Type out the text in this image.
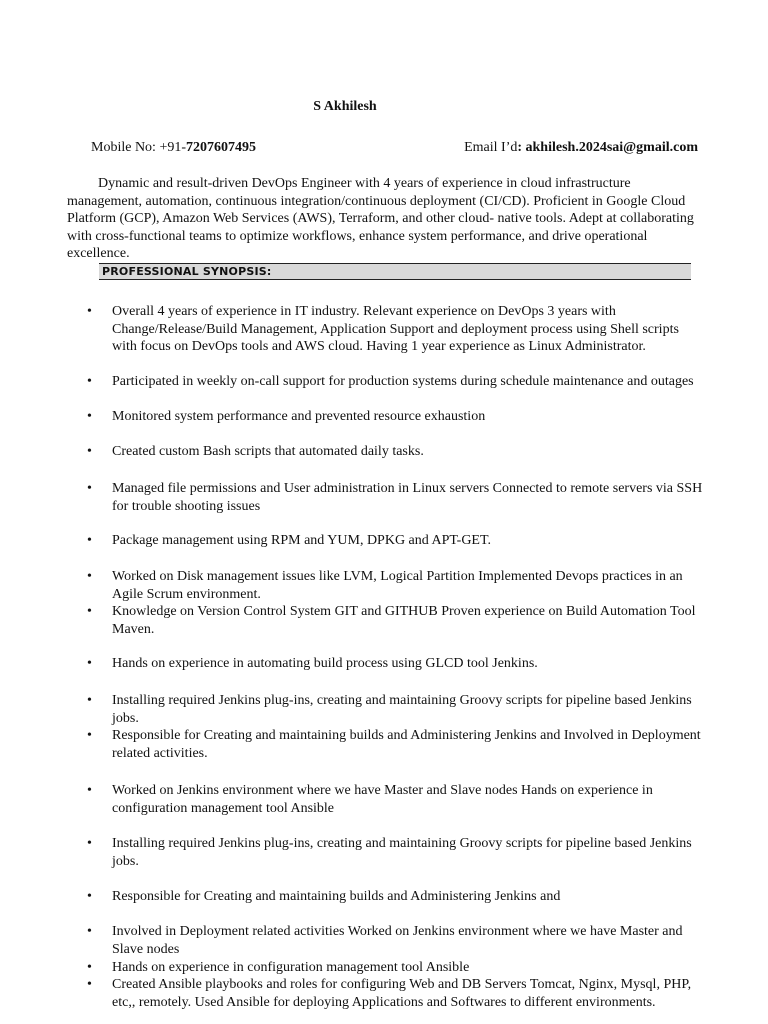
S Akhilesh
Mobile No: +91-7207607495	Email I’d: akhilesh.2024sai@gmail.com

Dynamic and result-driven DevOps Engineer with 4 years of experience in cloud infrastructure management, automation, continuous integration/continuous deployment (CI/CD). Proficient in Google Cloud Platform (GCP), Amazon Web Services (AWS), Terraform, and other cloud- native tools. Adept at collaborating with cross-functional teams to optimize workflows, enhance system performance, and drive operational excellence.

PROFESSIONAL SYNOPSIS:
• Overall 4 years of experience in IT industry. Relevant experience on DevOps 3 years with Change/Release/Build Management, Application Support and deployment process using Shell scripts with focus on DevOps tools and AWS cloud. Having 1 year experience as Linux Administrator.
• Participated in weekly on-call support for production systems during schedule maintenance and outages
• Monitored system performance and prevented resource exhaustion
• Created custom Bash scripts that automated daily tasks.
• Managed file permissions and User administration in Linux servers Connected to remote servers via SSH for trouble shooting issues
• Package management using RPM and YUM, DPKG and APT-GET.
• Worked on Disk management issues like LVM, Logical Partition Implemented Devops practices in an Agile Scrum environment.
• Knowledge on Version Control System GIT and GITHUB Proven experience on Build Automation Tool Maven.
• Hands on experience in automating build process using GLCD tool Jenkins.
• Installing required Jenkins plug-ins, creating and maintaining Groovy scripts for pipeline based Jenkins jobs.
• Responsible for Creating and maintaining builds and Administering Jenkins and Involved in Deployment related activities.
• Worked on Jenkins environment where we have Master and Slave nodes Hands on experience in configuration management tool Ansible
• Installing required Jenkins plug-ins, creating and maintaining Groovy scripts for pipeline based Jenkins jobs.
• Responsible for Creating and maintaining builds and Administering Jenkins and
• Involved in Deployment related activities Worked on Jenkins environment where we have Master and Slave nodes
• Hands on experience in configuration management tool Ansible
• Created Ansible playbooks and roles for configuring Web and DB Servers Tomcat, Nginx, Mysql, PHP, etc,, remotely. Used Ansible for deploying Applications and Softwares to different environments.
